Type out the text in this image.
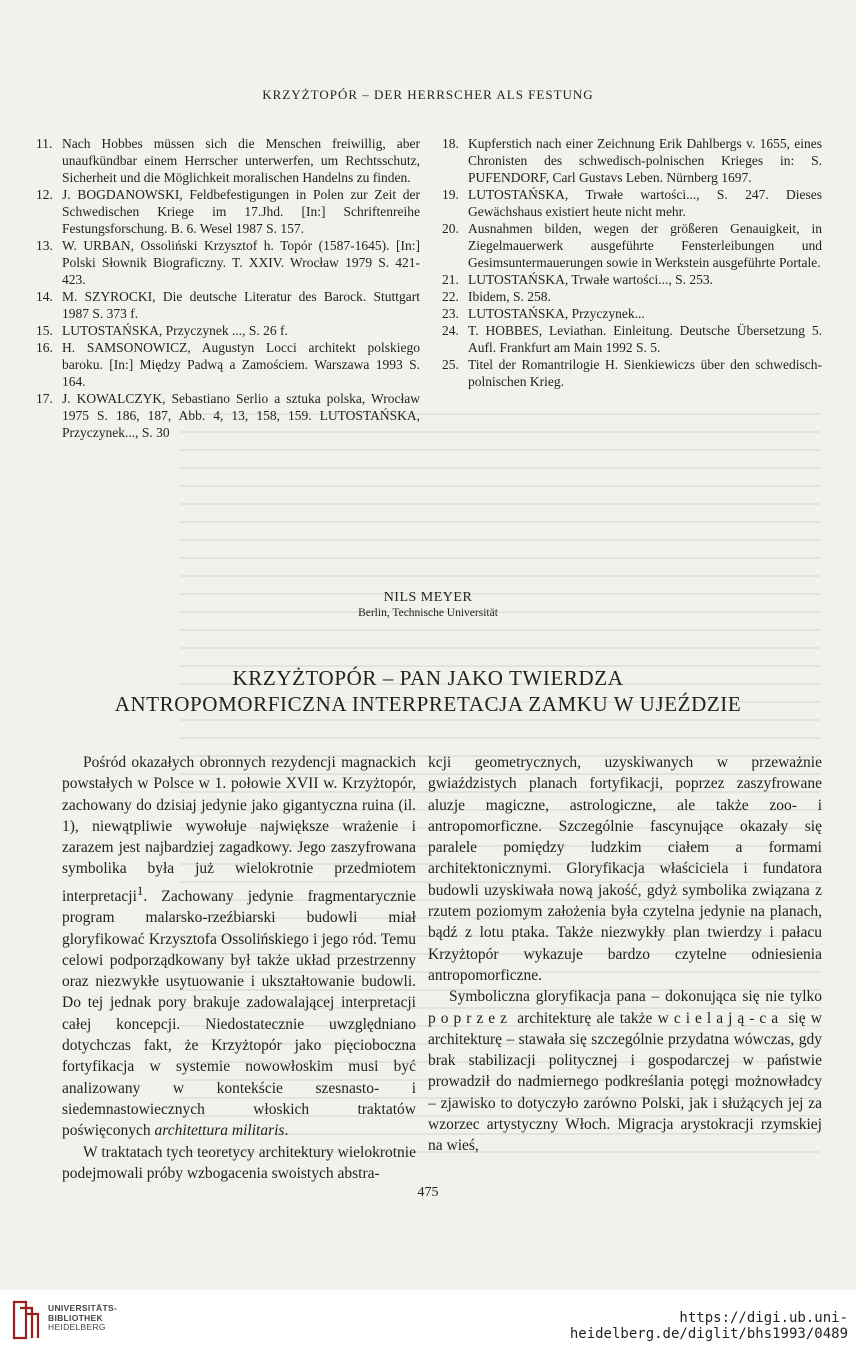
KRZYŻTOPÓR – DER HERRSCHER ALS FESTUNG
11. Nach Hobbes müssen sich die Menschen freiwillig, aber unaufkündbar einem Herrscher unterwerfen, um Rechtsschutz, Sicherheit und die Möglichkeit moralischen Handelns zu finden.
12. J. BOGDANOWSKI, Feldbefestigungen in Polen zur Zeit der Schwedischen Kriege im 17.Jhd. [In:] Schriftenreihe Festungsforschung. B. 6. Wesel 1987 S. 157.
13. W. URBAN, Ossoliński Krzysztof h. Topór (1587-1645). [In:] Polski Słownik Biograficzny. T. XXIV. Wrocław 1979 S. 421-423.
14. M. SZYROCKI, Die deutsche Literatur des Barock. Stuttgart 1987 S. 373 f.
15. LUTOSTAŃSKA, Przyczynek ..., S. 26 f.
16. H. SAMSONOWICZ, Augustyn Locci architekt polskiego baroku. [In:] Między Padwą a Zamościem. Warszawa 1993 S. 164.
17. J. KOWALCZYK, Sebastiano Serlio a sztuka polska, Wrocław 1975 S. 186, 187, Abb. 4, 13, 158, 159. LUTOSTAŃSKA, Przyczynek..., S. 30
18. Kupferstich nach einer Zeichnung Erik Dahlbergs v. 1655, eines Chronisten des schwedisch-polnischen Krieges in: S. PUFENDORF, Carl Gustavs Leben. Nürnberg 1697.
19. LUTOSTAŃSKA, Trwałe wartości..., S. 247. Dieses Gewächshaus existiert heute nicht mehr.
20. Ausnahmen bilden, wegen der größeren Genauigkeit, in Ziegelmauerwerk ausgeführte Fensterleibungen und Gesimsuntermauerungen sowie in Werkstein ausgeführte Portale.
21. LUTOSTAŃSKA, Trwałe wartości..., S. 253.
22. Ibidem, S. 258.
23. LUTOSTAŃSKA, Przyczynek...
24. T. HOBBES, Leviathan. Einleitung. Deutsche Übersetzung 5. Aufl. Frankfurt am Main 1992 S. 5.
25. Titel der Romantrilogie H. Sienkiewiczs über den schwedisch-polnischen Krieg.
NILS MEYER
Berlin, Technische Universität
KRZYŻTOPÓR – PAN JAKO TWIERDZA
ANTROPOMORFICZNA INTERPRETACJA ZAMKU W UJEŹDZIE

Pośród okazałych obronnych rezydencji magnackich powstałych w Polsce w 1. połowie XVII w. Krzyżtopór, zachowany do dzisiaj jedynie jako gigantyczna ruina (il. 1), niewątpliwie wywołuje największe wrażenie i zarazem jest najbardziej zagadkowy. Jego zaszyfrowana symbolika była już wielokrotnie przedmiotem interpretacji$^1$. Zachowany jedynie fragmentarycznie program malarsko-rzeźbiarski budowli miał gloryfikować Krzysztofa Ossolińskiego i jego ród. Temu celowi podporządkowany był także układ przestrzenny oraz niezwykłe usytuowanie i ukształtowanie budowli. Do tej jednak pory brakuje zadowalającej interpretacji całej koncepcji. Niedostatecznie uwzględniano dotychczas fakt, że Krzyżtopór jako pięcioboczna fortyfikacja w systemie nowowłoskim musi być analizowany w kontekście szesnasto- i siedemnastowiecznych włoskich traktatów poświęconych architettura militaris.

W traktatach tych teoretycy architektury wielokrotnie podejmowali próby wzbogacenia swoistych abstra-

kcji geometrycznych, uzyskiwanych w przeważnie gwiaździstych planach fortyfikacji, poprzez zaszyfrowane aluzje magiczne, astrologiczne, ale także zoo- i antropomorficzne. Szczególnie fascynujące okazały się paralele pomiędzy ludzkim ciałem a formami architektonicznymi. Gloryfikacja właściciela i fundatora budowli uzyskiwała nową jakość, gdyż symbolika związana z rzutem poziomym założenia była czytelna jedynie na planach, bądź z lotu ptaka. Także niezwykły plan twierdzy i pałacu Krzyżtopór wykazuje bardzo czytelne odniesienia antropomorficzne.

Symboliczna gloryfikacja pana – dokonująca się nie tylko poprzez architekturę ale także wcielają-ca się w architekturę – stawała się szczególnie przydatna wówczas, gdy brak stabilizacji politycznej i gospodarczej w państwie prowadził do nadmiernego podkreślania potęgi możnowładcy – zjawisko to dotyczyło zarówno Polski, jak i służących jej za wzorzec artystyczny Włoch. Migracja arystokracji rzymskiej na wieś,

475
UNIVERSITÄTS-
BIBLIOTHEK
HEIDELBERG
https://digi.ub.uni-heidelberg.de/diglit/bhs1993/0489
